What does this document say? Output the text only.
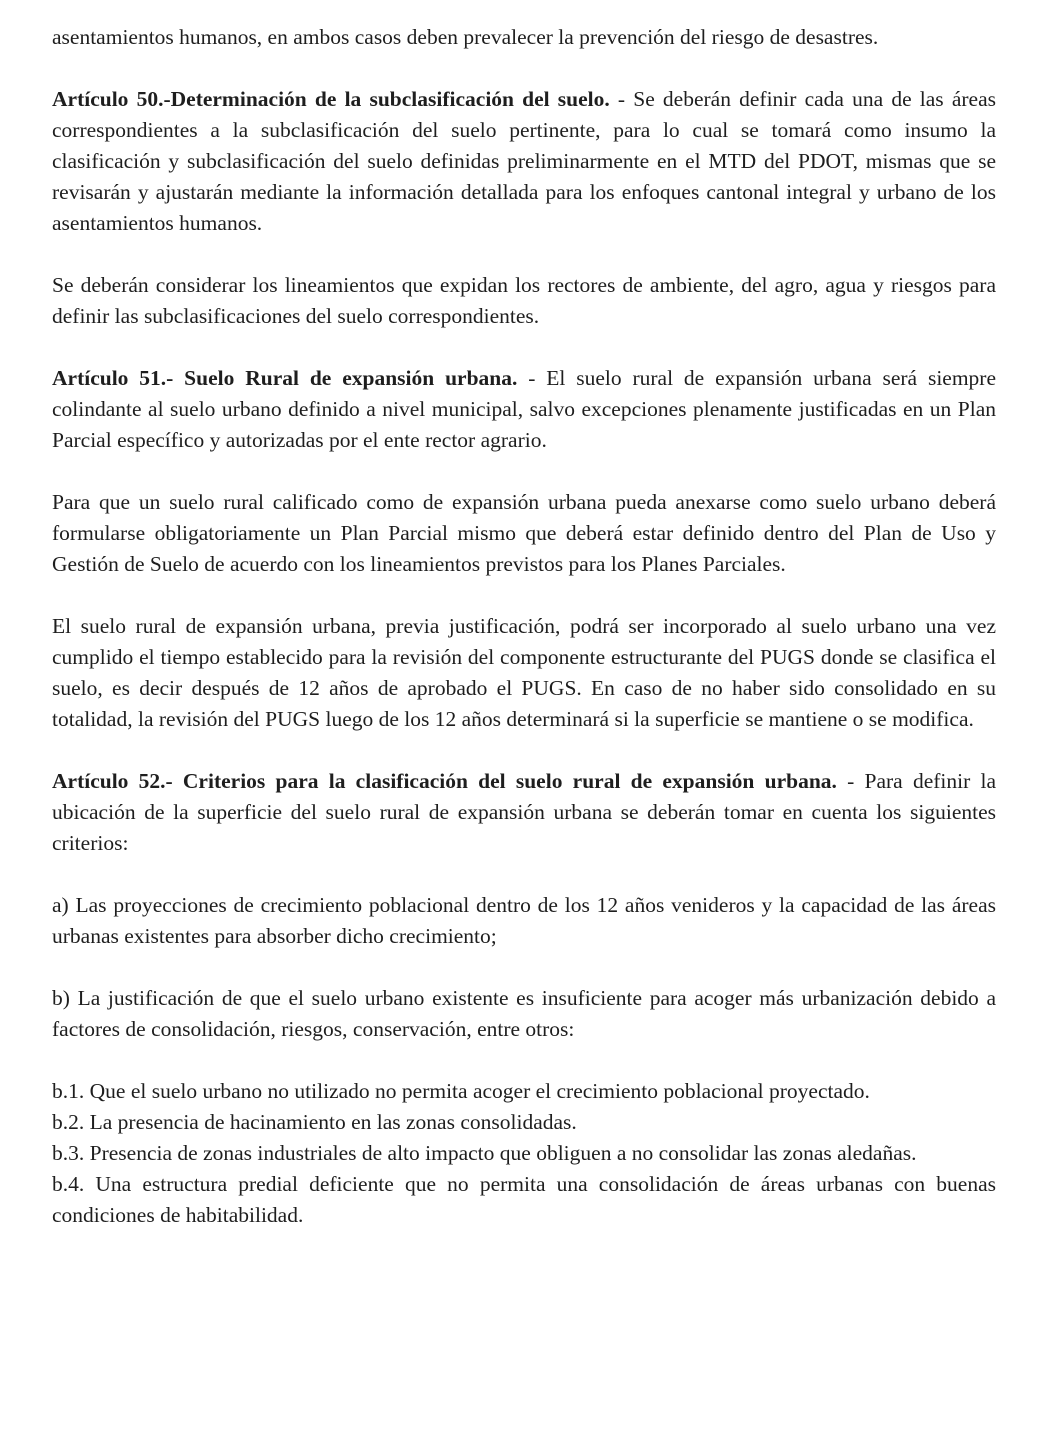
asentamientos humanos, en ambos casos deben prevalecer la prevención del riesgo de desastres.

Artículo 50.-Determinación de la subclasificación del suelo. - Se deberán definir cada una de las áreas correspondientes a la subclasificación del suelo pertinente, para lo cual se tomará como insumo la clasificación y subclasificación del suelo definidas preliminarmente en el MTD del PDOT, mismas que se revisarán y ajustarán mediante la información detallada para los enfoques cantonal integral y urbano de los asentamientos humanos.

Se deberán considerar los lineamientos que expidan los rectores de ambiente, del agro, agua y riesgos para definir las subclasificaciones del suelo correspondientes.

Artículo 51.- Suelo Rural de expansión urbana. - El suelo rural de expansión urbana será siempre colindante al suelo urbano definido a nivel municipal, salvo excepciones plenamente justificadas en un Plan Parcial específico y autorizadas por el ente rector agrario.

Para que un suelo rural calificado como de expansión urbana pueda anexarse como suelo urbano deberá formularse obligatoriamente un Plan Parcial mismo que deberá estar definido dentro del Plan de Uso y Gestión de Suelo de acuerdo con los lineamientos previstos para los Planes Parciales.

El suelo rural de expansión urbana, previa justificación, podrá ser incorporado al suelo urbano una vez cumplido el tiempo establecido para la revisión del componente estructurante del PUGS donde se clasifica el suelo, es decir después de 12 años de aprobado el PUGS. En caso de no haber sido consolidado en su totalidad, la revisión del PUGS luego de los 12 años determinará si la superficie se mantiene o se modifica.

Artículo 52.- Criterios para la clasificación del suelo rural de expansión urbana. - Para definir la ubicación de la superficie del suelo rural de expansión urbana se deberán tomar en cuenta los siguientes criterios:

a) Las proyecciones de crecimiento poblacional dentro de los 12 años venideros y la capacidad de las áreas urbanas existentes para absorber dicho crecimiento;

b) La justificación de que el suelo urbano existente es insuficiente para acoger más urbanización debido a factores de consolidación, riesgos, conservación, entre otros:

b.1. Que el suelo urbano no utilizado no permita acoger el crecimiento poblacional proyectado.

b.2. La presencia de hacinamiento en las zonas consolidadas.

b.3. Presencia de zonas industriales de alto impacto que obliguen a no consolidar las zonas aledañas.

b.4. Una estructura predial deficiente que no permita una consolidación de áreas urbanas con buenas condiciones de habitabilidad.
